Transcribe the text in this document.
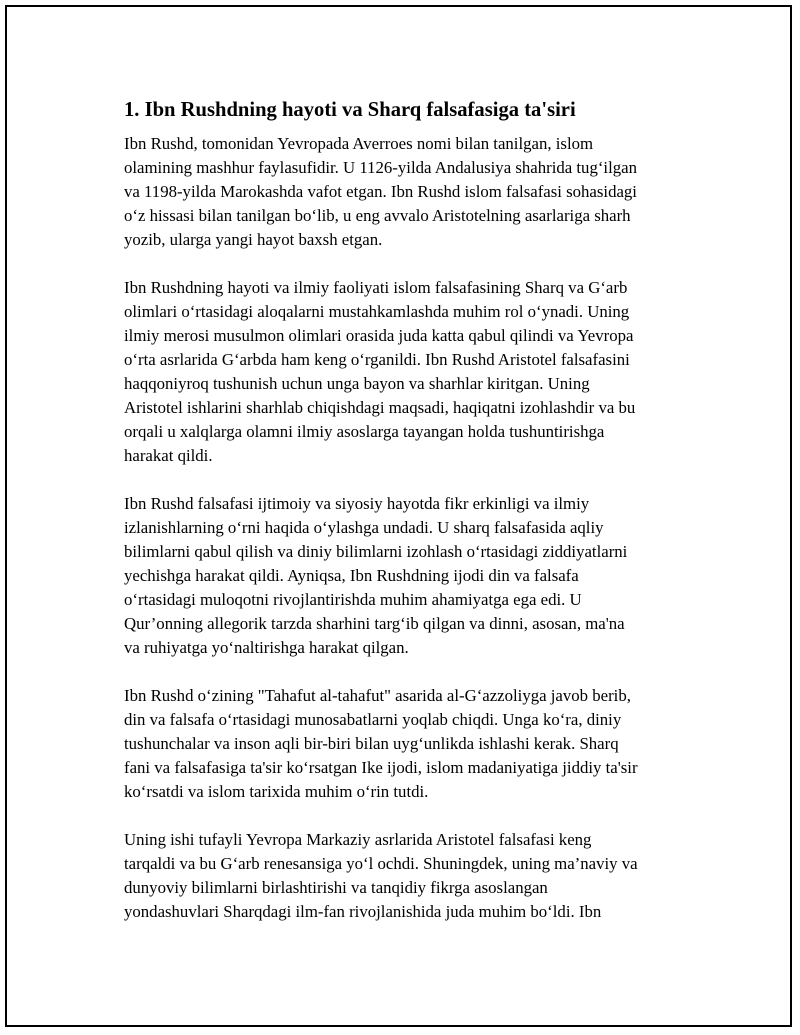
1. Ibn Rushdning hayoti va Sharq falsafasiga ta'siri

Ibn Rushd, tomonidan Yevropada Averroes nomi bilan tanilgan, islom
olamining mashhur faylasufidir. U 1126-yilda Andalusiya shahrida tug‘ilgan
va 1198-yilda Marokashda vafot etgan. Ibn Rushd islom falsafasi sohasidagi
o‘z hissasi bilan tanilgan bo‘lib, u eng avvalo Aristotelning asarlariga sharh
yozib, ularga yangi hayot baxsh etgan.

Ibn Rushdning hayoti va ilmiy faoliyati islom falsafasining Sharq va G‘arb
olimlari o‘rtasidagi aloqalarni mustahkamlashda muhim rol o‘ynadi. Uning
ilmiy merosi musulmon olimlari orasida juda katta qabul qilindi va Yevropa
o‘rta asrlarida G‘arbda ham keng o‘rganildi. Ibn Rushd Aristotel falsafasini
haqqoniyroq tushunish uchun unga bayon va sharhlar kiritgan. Uning
Aristotel ishlarini sharhlab chiqishdagi maqsadi, haqiqatni izohlashdir va bu
orqali u xalqlarga olamni ilmiy asoslarga tayangan holda tushuntirishga
harakat qildi.

Ibn Rushd falsafasi ijtimoiy va siyosiy hayotda fikr erkinligi va ilmiy
izlanishlarning o‘rni haqida o‘ylashga undadi. U sharq falsafasida aqliy
bilimlarni qabul qilish va diniy bilimlarni izohlash o‘rtasidagi ziddiyatlarni
yechishga harakat qildi. Ayniqsa, Ibn Rushdning ijodi din va falsafa
o‘rtasidagi muloqotni rivojlantirishda muhim ahamiyatga ega edi. U
Qur’onning allegorik tarzda sharhini targ‘ib qilgan va dinni, asosan, ma'na
va ruhiyatga yo‘naltirishga harakat qilgan.

Ibn Rushd o‘zining "Tahafut al-tahafut" asarida al-G‘azzoliyga javob berib,
din va falsafa o‘rtasidagi munosabatlarni yoqlab chiqdi. Unga ko‘ra, diniy
tushunchalar va inson aqli bir-biri bilan uyg‘unlikda ishlashi kerak. Sharq
fani va falsafasiga ta'sir ko‘rsatgan Ike ijodi, islom madaniyatiga jiddiy ta'sir
ko‘rsatdi va islom tarixida muhim o‘rin tutdi.

Uning ishi tufayli Yevropa Markaziy asrlarida Aristotel falsafasi keng
tarqaldi va bu G‘arb renesansiga yo‘l ochdi. Shuningdek, uning ma’naviy va
dunyoviy bilimlarni birlashtirishi va tanqidiy fikrga asoslangan
yondashuvlari Sharqdagi ilm-fan rivojlanishida juda muhim bo‘ldi. Ibn
